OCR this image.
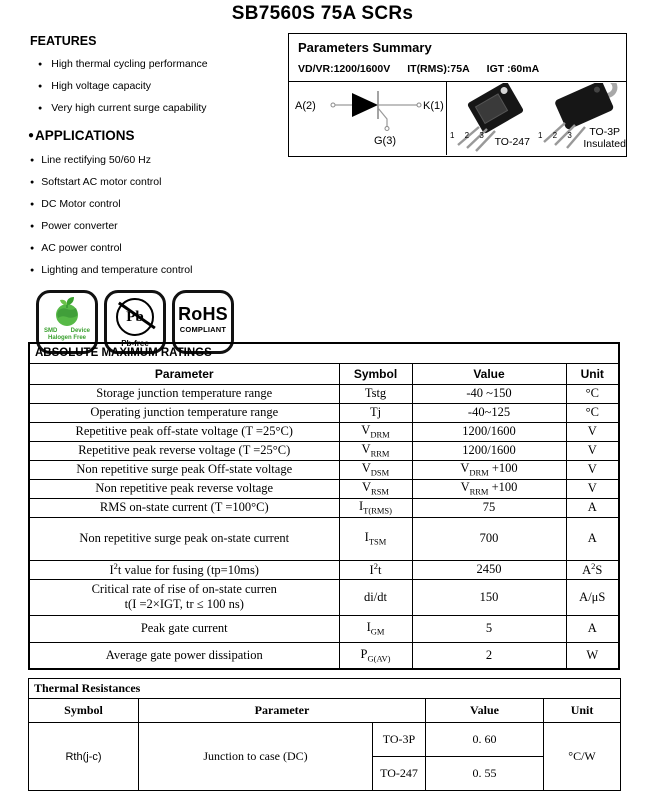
SB7560S 75A SCRs
FEATURES
● High thermal cycling performance
● High voltage capacity
● Very high current surge capability
● APPLICATIONS
● Line rectifying 50/60 Hz
● Softstart AC motor control
● DC Motor control
● Power converter
● AC power control
● Lighting and temperature control
SMD Device
Halogen Free
Pb
Pb-free
RoHS
COMPLIANT
Parameters Summary
VD/VR:1200/1600V IT(RMS):75A IGT :60mA
A(2)	K(1)
G(3)	1 2 3
TO-247
1 2 3	TO-3P
Insulated
ABSOLUTE MAXIMUM RATINGS			
Parameter	Symbol	Value	Unit
Storage junction temperature range	Tstg	-40 ~150	°C
Operating junction temperature range	Tj	-40~125	°C
Repetitive peak off-state voltage (T =25°C)	$V_{DRM}$	1200/1600	V
Repetitive peak reverse voltage (T =25°C)	$V_{RRM}$	1200/1600	V
Non repetitive surge peak Off-state voltage	$V_{DSM}$	$V_{DRM} +100$	V
Non repetitive peak reverse voltage	$V_{RSM}$	$V_{RRM} +100$	V
RMS on-state current (T =100°C)	$I_{T(RMS)}$	75	A
Non repetitive surge peak on-state current	$I_{TSM}$	700	A
$I^2t$ value for fusing (tp=10ms)	$I^2t$	2450	$A^2S$
Critical rate of rise of on-state curren
t(I =2×IGT, tr ≤ 100 ns)	di/dt	150	A/μS
Peak gate current	$I_{GM}$	5	A
Average gate power dissipation	$P_{G(AV)}$	2	W
Thermal Resistances				
Symbol	Parameter		Value	Unit
Rth(j-c)	Junction to case (DC)	TO-3P	0. 60	°C/W
		TO-247	0. 55	
